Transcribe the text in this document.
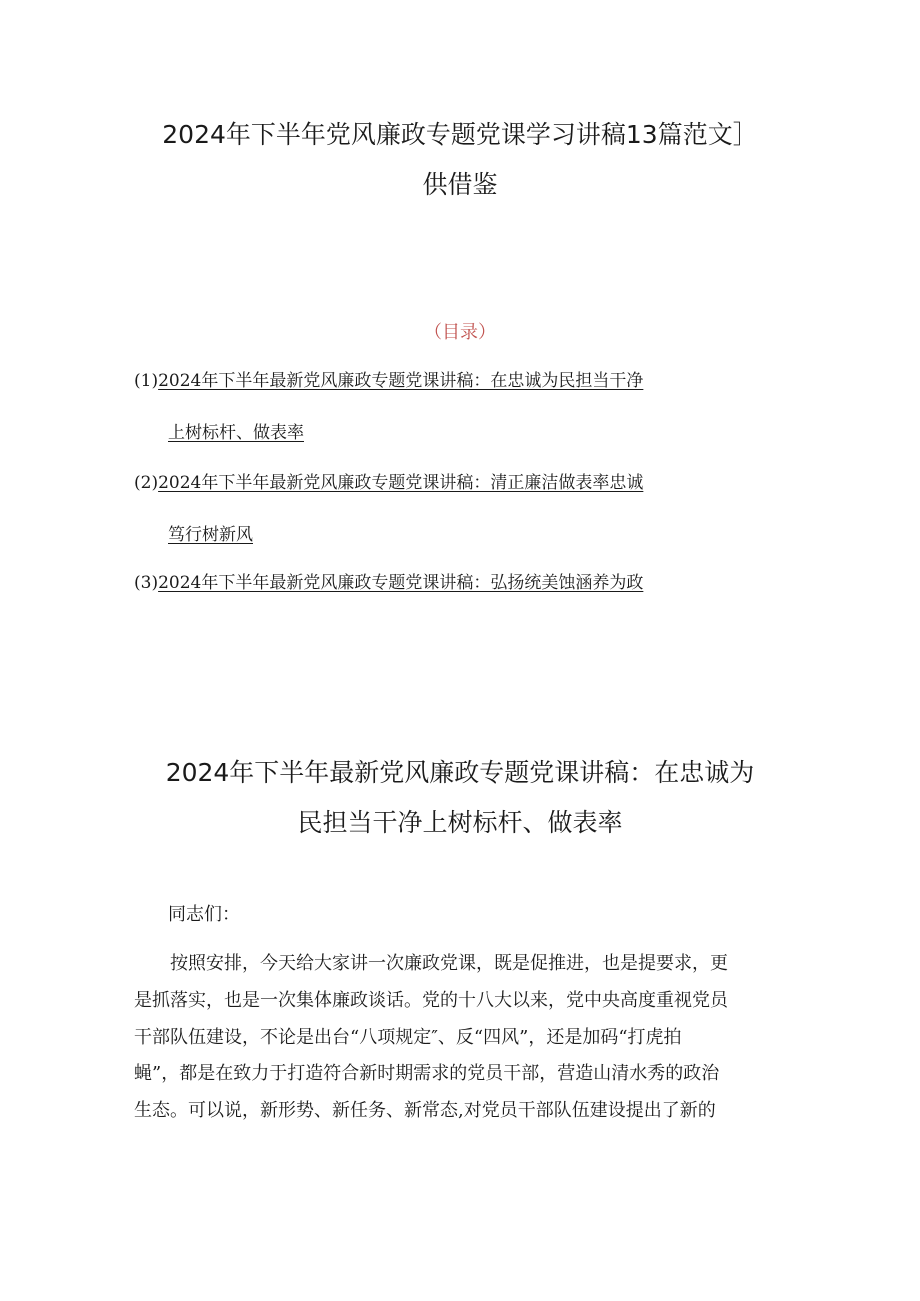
2024年下半年党风廉政专题党课学习讲稿13篇范文］
供借鉴
（目录）
(1)2024年下半年最新党风廉政专题党课讲稿：在忠诚为民担当干净
上树标杆、做表率
(2)2024年下半年最新党风廉政专题党课讲稿：清正廉洁做表率忠诚
笃行树新风
(3)2024年下半年最新党风廉政专题党课讲稿：弘扬统美蚀涵养为政
2024年下半年最新党风廉政专题党课讲稿：在忠诚为
民担当干净上树标杆、做表率
同志们：
　　按照安排，今天给大家讲一次廉政党课，既是促推进，也是提要求，更
是抓落实，也是一次集体廉政谈话。党的十八大以来，党中央高度重视党员
干部队伍建设，不论是出台“八项规定″、反“四风”，还是加码“打虎拍
蝇”，都是在致力于打造符合新时期需求的党员干部，营造山清水秀的政治
生态。可以说，新形势、新任务、新常态,对党员干部队伍建设提出了新的
